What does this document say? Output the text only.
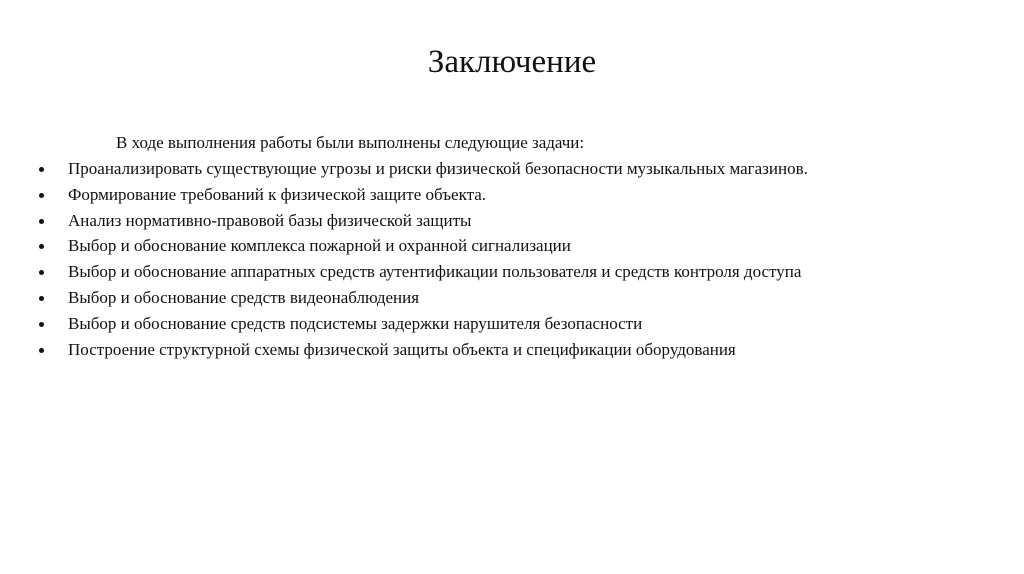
Заключение

В ходе выполнения работы были выполнены следующие задачи:

Проанализировать существующие угрозы и риски физической безопасности музыкальных магазинов.
Формирование требований к физической защите объекта.
Анализ нормативно-правовой базы физической защиты
Выбор и обоснование комплекса пожарной и охранной сигнализации
Выбор и обоснование аппаратных средств аутентификации пользователя и средств контроля доступа
Выбор и обоснование средств видеонаблюдения
Выбор и обоснование средств подсистемы задержки нарушителя безопасности
Построение структурной схемы физической защиты объекта и спецификации оборудования
